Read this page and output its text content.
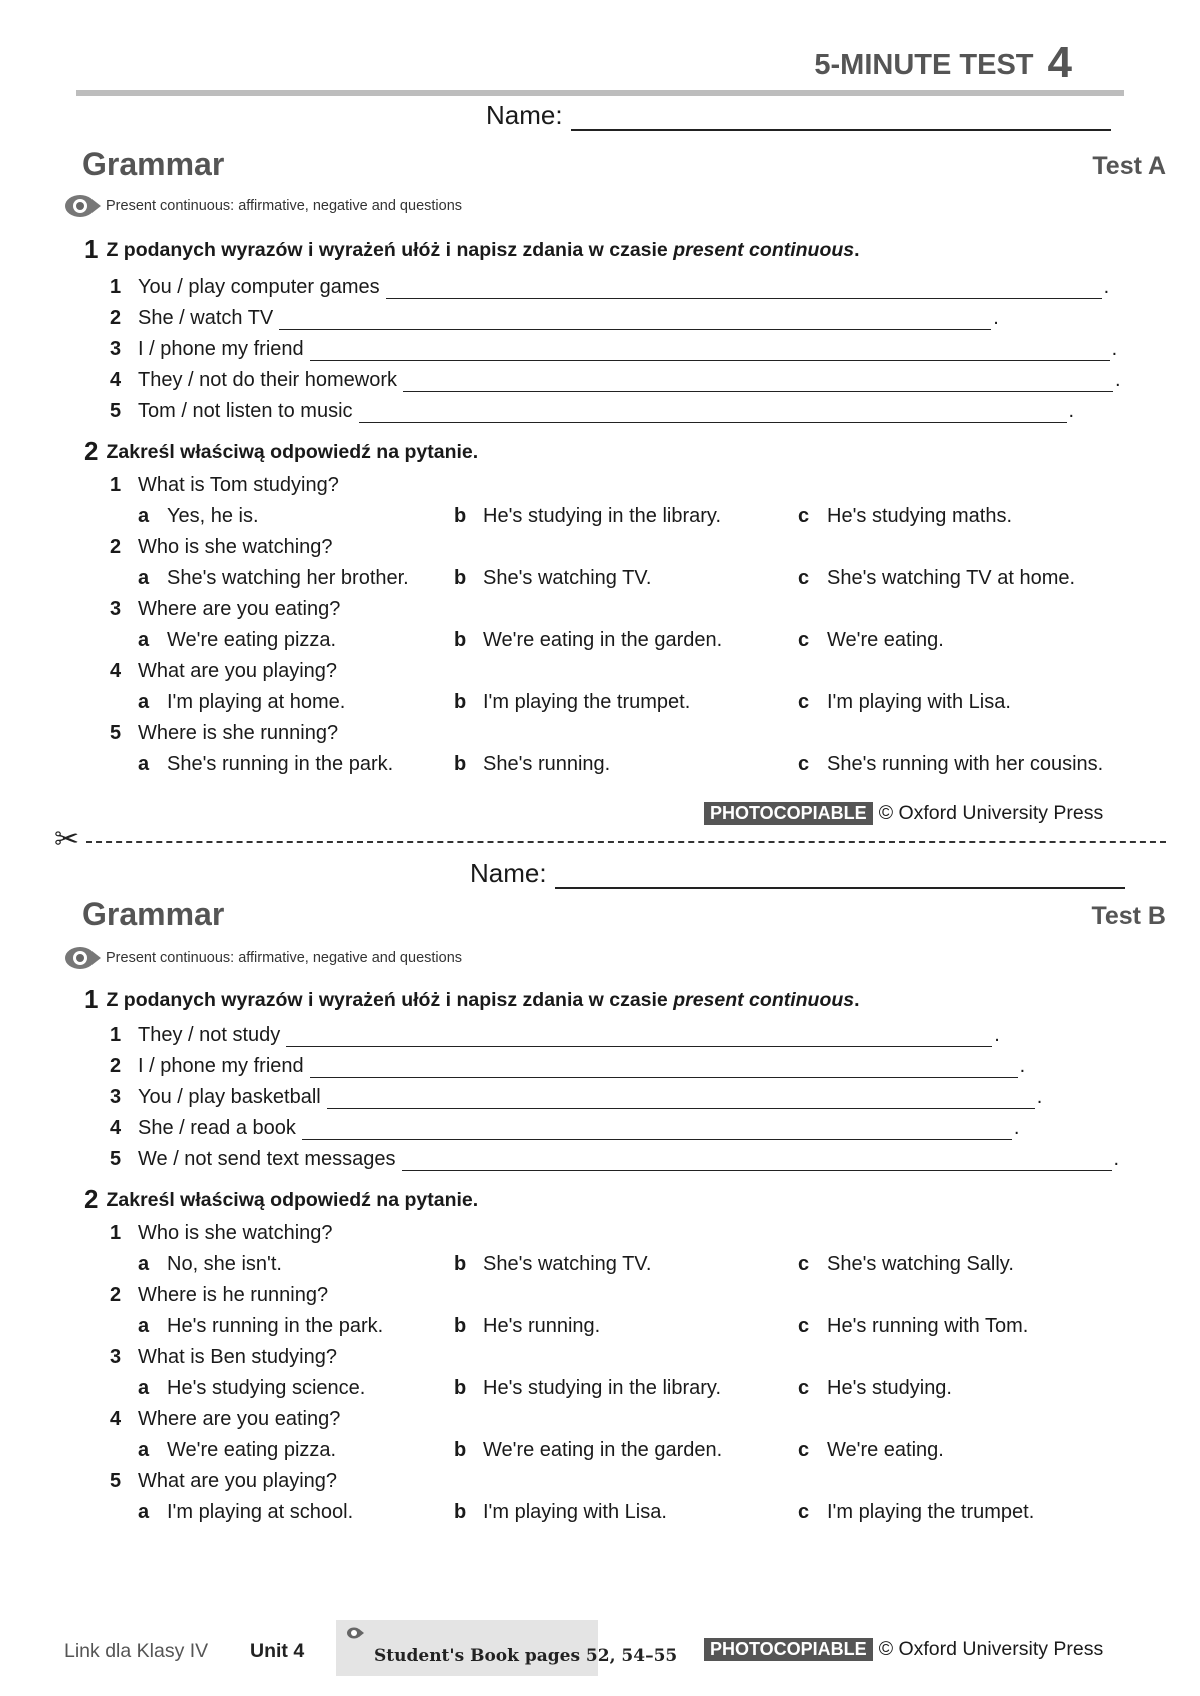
5-MINUTE TEST 4
Name:
Grammar	Test A
Present continuous: affirmative, negative and questions
1 Z podanych wyrazów i wyrażeń ułóż i napisz zdania w czasie present continuous.
1 You / play computer games	.
2 She / watch TV	.
3 I / phone my friend	.
4 They / not do their homework	.
5 Tom / not listen to music	.
2 Zakreśl właściwą odpowiedź na pytanie.
1 What is Tom studying?
a Yes, he is.	b He's studying in the library.	c He's studying maths.
2 Who is she watching?
a She's watching her brother. b She's watching TV.	c She's watching TV at home.
3 Where are you eating?
a We're eating pizza.	b We're eating in the garden.	c We're eating.
4 What are you playing?
a I'm playing at home.	b I'm playing the trumpet.	c I'm playing with Lisa.
5 Where is she running?
a She's running in the park.	b She's running.	c She's running with her cousins.
PHOTOCOPIABLE © Oxford University Press
✂
Name:
Grammar	Test B
Present continuous: affirmative, negative and questions
1 Z podanych wyrazów i wyrażeń ułóż i napisz zdania w czasie present continuous.
1 They / not study	.
2 I / phone my friend	.
3 You / play basketball	.
4 She / read a book	.
5 We / not send text messages	.
2 Zakreśl właściwą odpowiedź na pytanie.
1 Who is she watching?
a No, she isn't.	b She's watching TV.	c She's watching Sally.
2 Where is he running?
a He's running in the park.	b He's running.	c He's running with Tom.
3 What is Ben studying?
a He's studying science.	b He's studying in the library.	c He's studying.
4 Where are you eating?
a We're eating pizza.	b We're eating in the garden.	c We're eating.
5 What are you playing?
a I'm playing at school.	b I'm playing with Lisa.	c I'm playing the trumpet.
Link dla Klasy IV Unit 4	Student's Book pages 52, 54–55	PHOTOCOPIABLE © Oxford University Press
